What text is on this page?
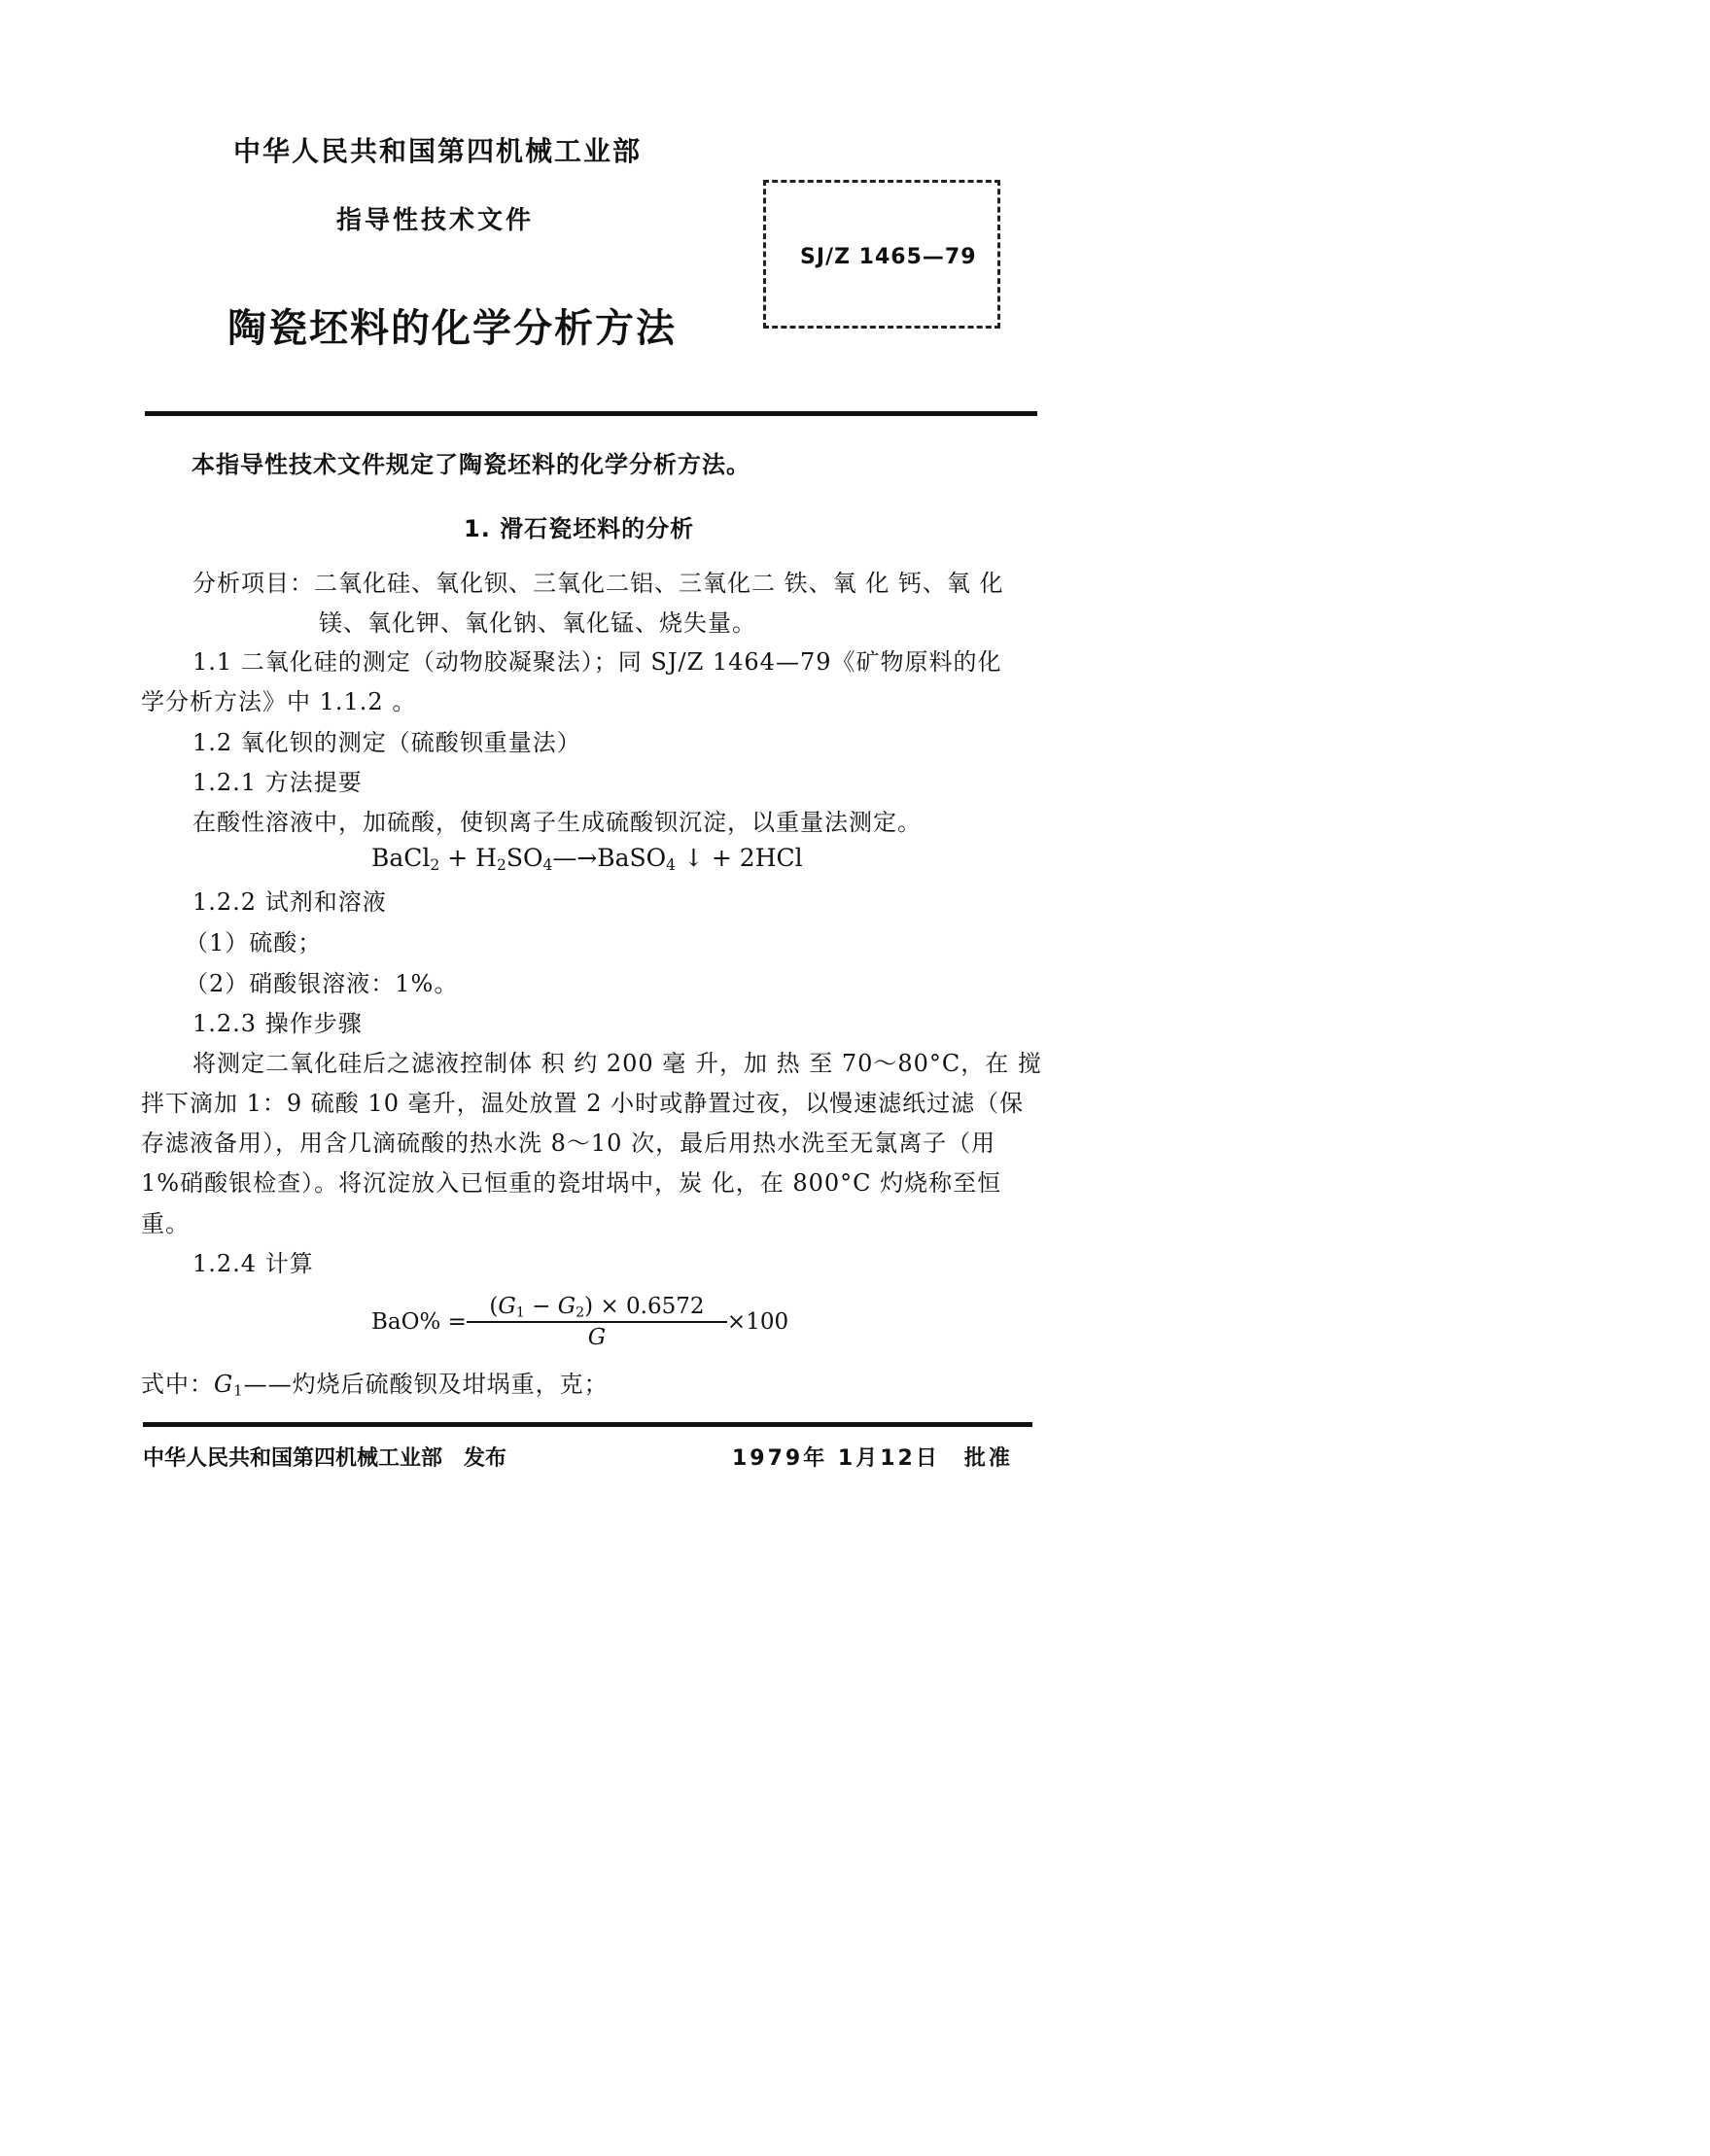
中华人民共和国第四机械工业部
指导性技术文件
陶瓷坯料的化学分析方法
SJ/Z 1465—79
本指导性技术文件规定了陶瓷坯料的化学分析方法。
1. 滑石瓷坯料的分析
分析项目：二氧化硅、氧化钡、三氧化二铝、三氧化二 铁、氧 化 钙、氧 化
镁、氧化钾、氧化钠、氧化锰、烧失量。
1.1 二氧化硅的测定（动物胶凝聚法）；同 SJ/Z 1464—79《矿物原料的化
学分析方法》中 1.1.2 。
1.2 氧化钡的测定（硫酸钡重量法）
1.2.1 方法提要
在酸性溶液中，加硫酸，使钡离子生成硫酸钡沉淀，以重量法测定。
BaCl$_2$ + $H_2SO_4—\to BaSO_4$ ↓ + 2HCl
1.2.2 试剂和溶液
（1）硫酸；
（2）硝酸银溶液：1%。
1.2.3 操作步骤
将测定二氧化硅后之滤液控制体 积 约 200 毫 升，加 热 至 70～80°C，在 搅
拌下滴加 1：9 硫酸 10 毫升，温处放置 2 小时或静置过夜，以慢速滤纸过滤（保
存滤液备用），用含几滴硫酸的热水洗 8～10 次，最后用热水洗至无氯离子（用
1%硝酸银检查）。将沉淀放入已恒重的瓷坩埚中，炭 化，在 800°C 灼烧称至恒
重。
1.2.4 计算
$BaO\% = \frac{(G_1 - G_2) \times 0.6572}{G} \times 100$
式中：$G_1——$灼烧后硫酸钡及坩埚重，克；
中华人民共和国第四机械工业部　发布	1979年 1月12日　批准
